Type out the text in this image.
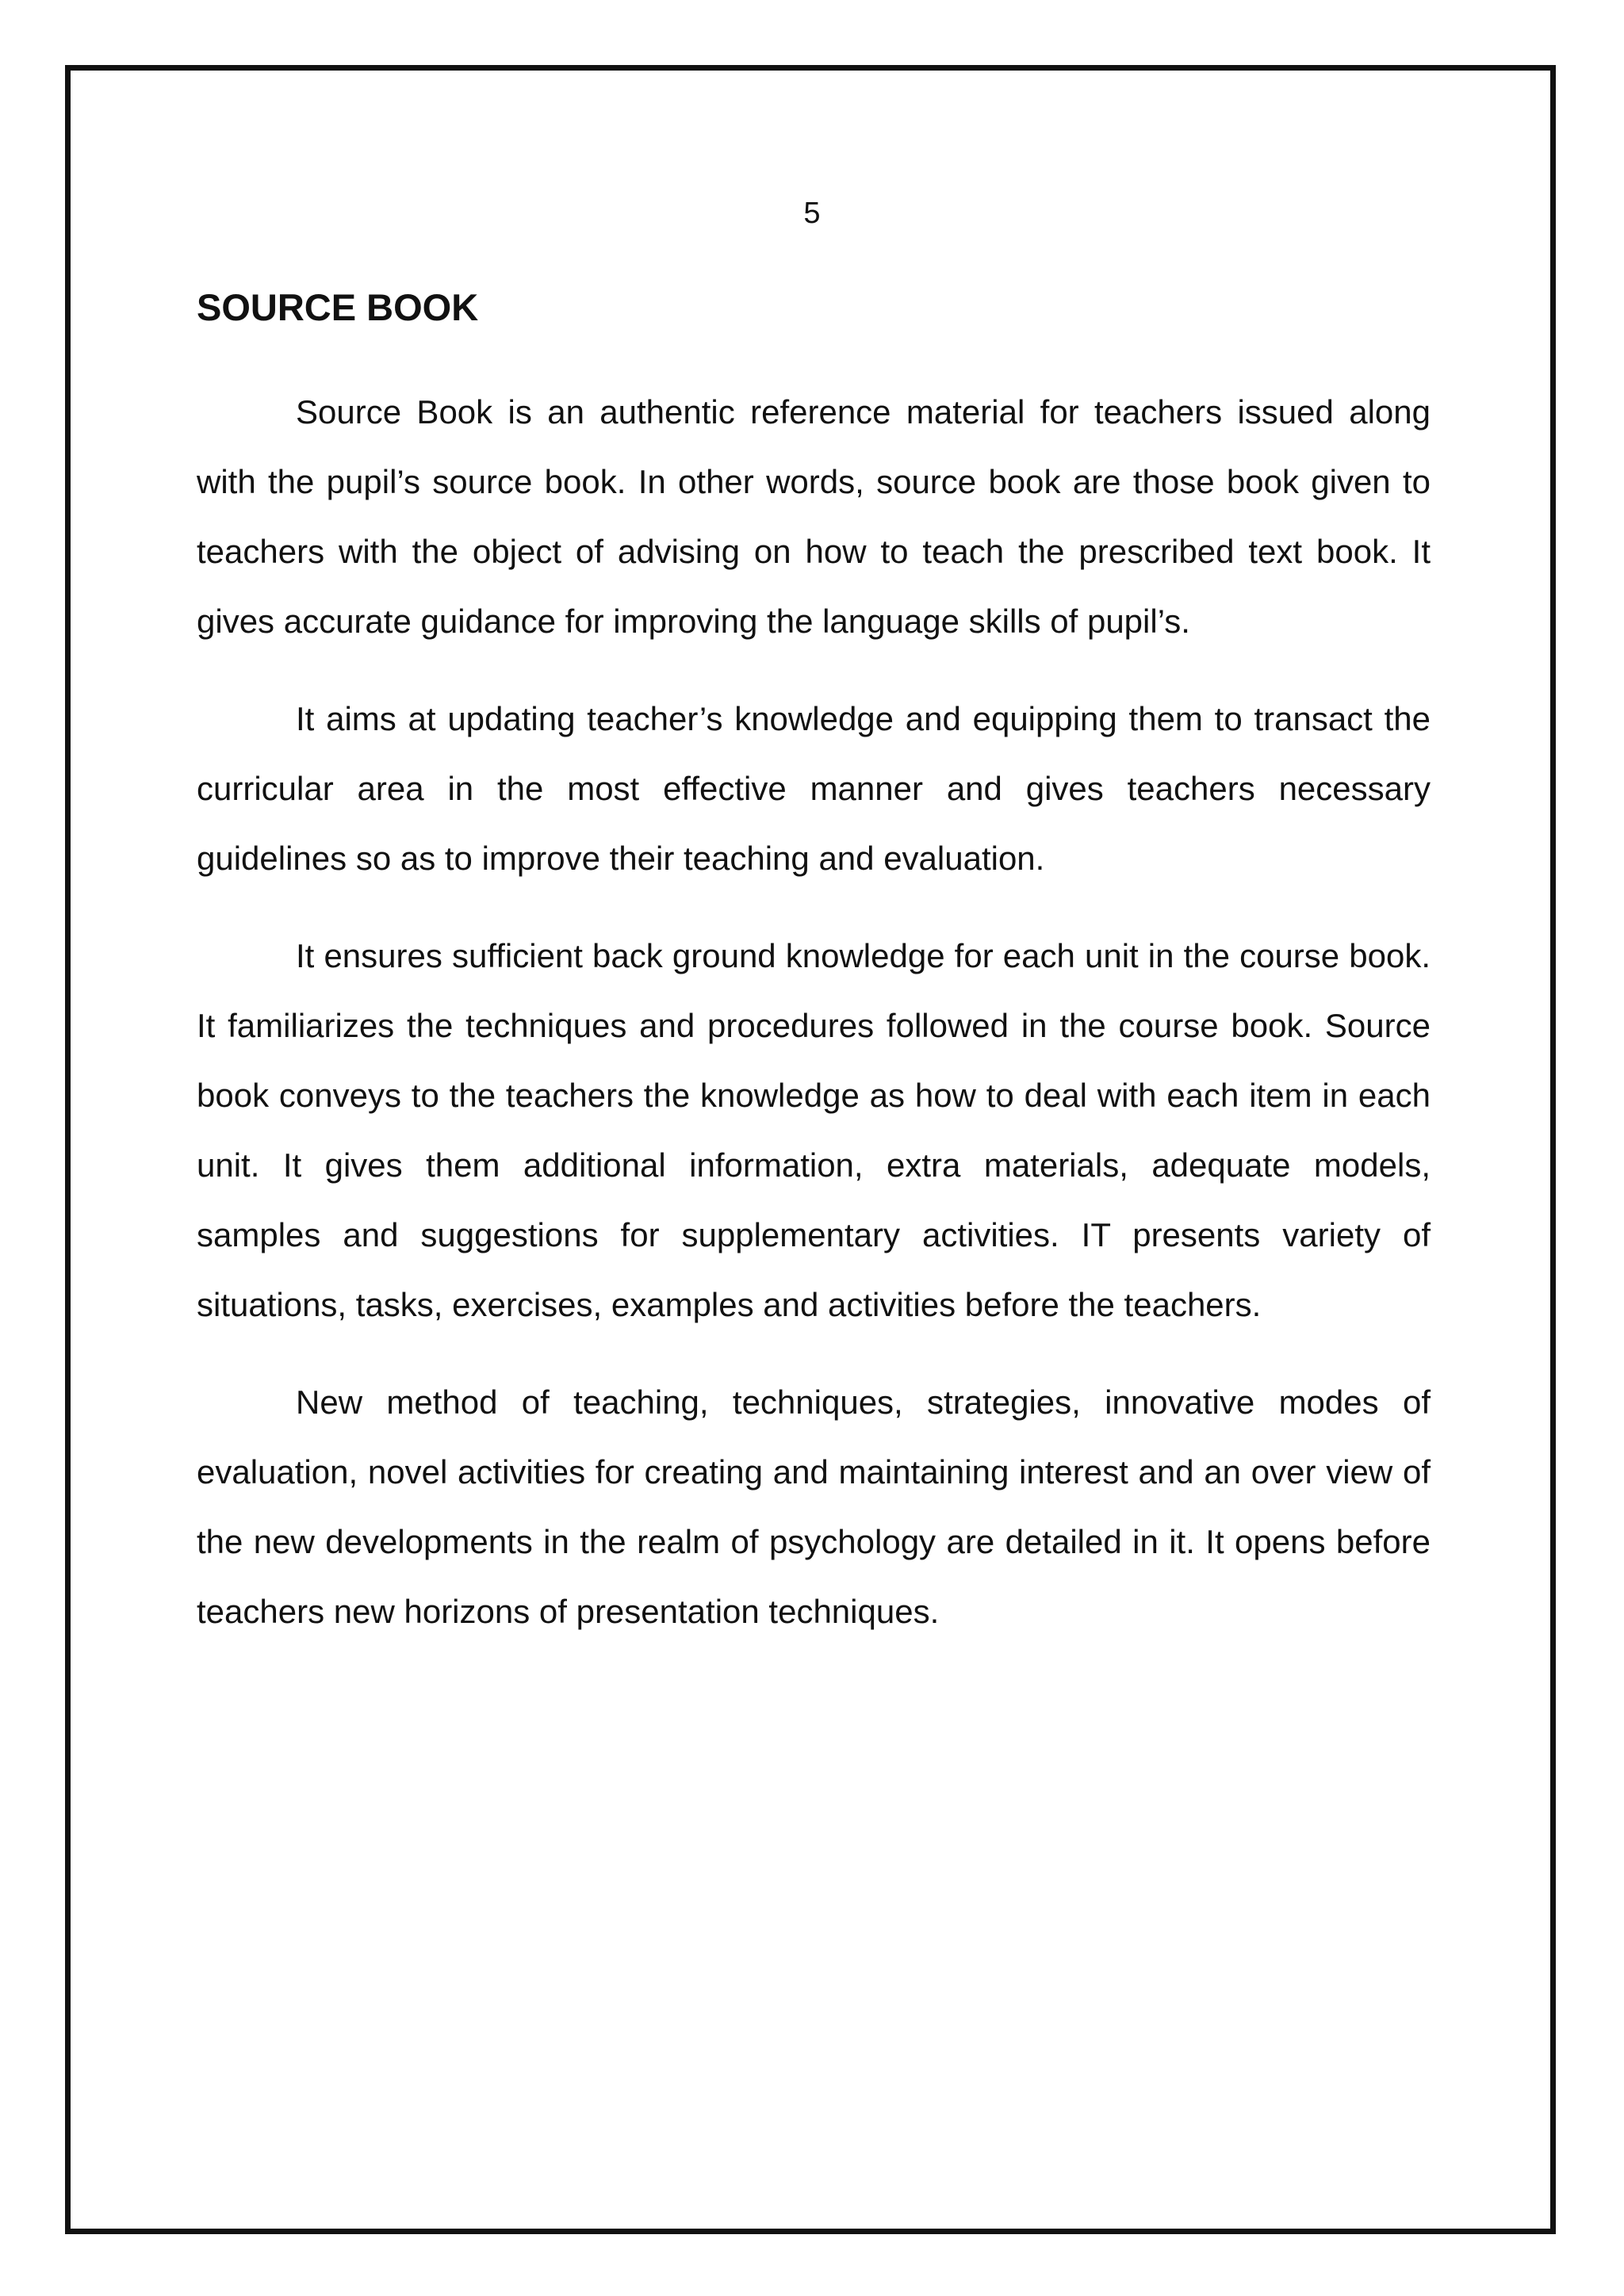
5
SOURCE BOOK

Source Book is an authentic reference material for teachers issued along with the pupil’s source book. In other words, source book are those book given to teachers with the object of advising on how to teach the prescribed text book. It gives accurate guidance for improving the language skills of pupil’s.

It aims at updating teacher’s knowledge and equipping them to transact the curricular area in the most effective manner and gives teachers necessary guidelines so as to improve their teaching and evaluation.

It ensures sufficient back ground knowledge for each unit in the course book. It familiarizes the techniques and procedures followed in the course book. Source book conveys to the teachers the knowledge as how to deal with each item in each unit. It gives them additional information, extra materials, adequate models, samples and suggestions for supplementary activities. IT presents variety of situations, tasks, exercises, examples and activities before the teachers.

New method of teaching, techniques, strategies, innovative modes of evaluation, novel activities for creating and maintaining interest and an over view of the new developments in the realm of psychology are detailed in it. It opens before teachers new horizons of presentation techniques.
